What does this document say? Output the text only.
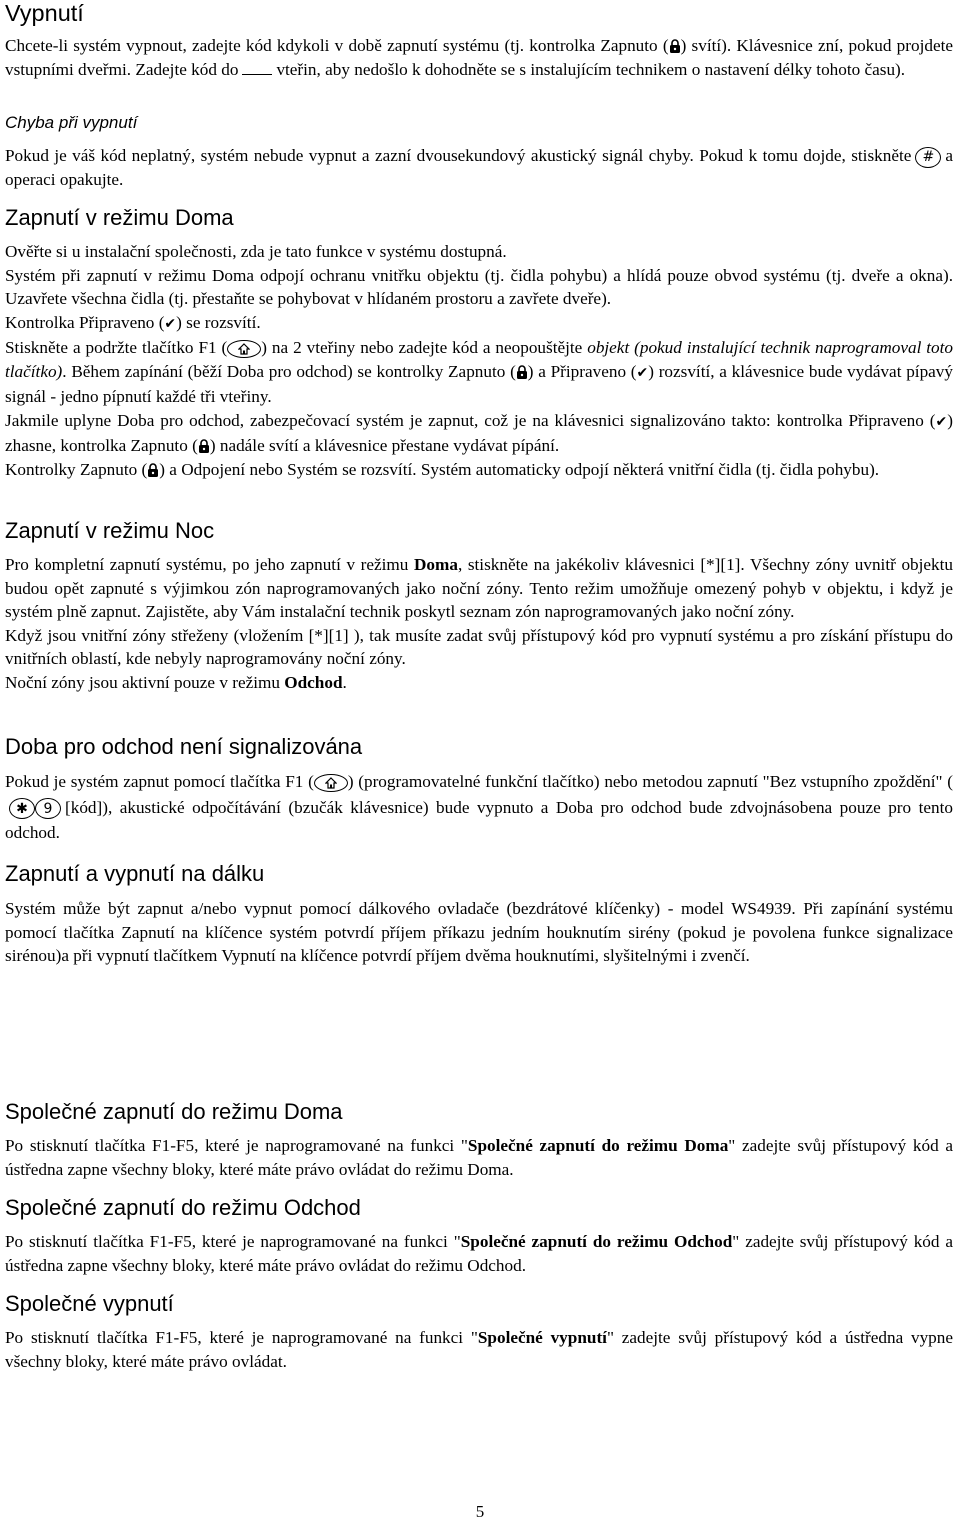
Vypnutí

Chcete-li systém vypnout, zadejte kód kdykoli v době zapnutí systému (tj. kontrolka Zapnuto ( ) svítí). Klávesnice zní, pokud projdete vstupními dveřmi. Zadejte kód do vteřin, aby nedošlo k dohodněte se s instalujícím technikem o nastavení délky tohoto času).

Chyba při vypnutí

Pokud je váš kód neplatný, systém nebude vypnut a zazní dvousekundový akustický signál chyby. Pokud k tomu dojde, stiskněte # a operaci opakujte.

Zapnutí v režimu Doma

Ověřte si u instalační společnosti, zda je tato funkce v systému dostupná.

Systém při zapnutí v režimu Doma odpojí ochranu vnitřku objektu (tj. čidla pohybu) a hlídá pouze obvod systému (tj. dveře a okna). Uzavřete všechna čidla (tj. přestaňte se pohybovat v hlídaném prostoru a zavřete dveře).

Kontrolka Připraveno (✔) se rozsvítí.

Stiskněte a podržte tlačítko F1 ( ) na 2 vteřiny nebo zadejte kód a neopouštějte objekt (pokud instalující technik naprogramoval toto tlačítko). Během zapínání (běží Doba pro odchod) se kontrolky Zapnuto ( ) a Připraveno (✔) rozsvítí, a klávesnice bude vydávat pípavý signál - jedno pípnutí každé tři vteřiny.

Jakmile uplyne Doba pro odchod, zabezpečovací systém je zapnut, což je na klávesnici signalizováno takto: kontrolka Připraveno (✔) zhasne, kontrolka Zapnuto ( ) nadále svítí a klávesnice přestane vydávat pípání.

Kontrolky Zapnuto ( ) a Odpojení nebo Systém se rozsvítí. Systém automaticky odpojí některá vnitřní čidla (tj. čidla pohybu).

Zapnutí v režimu Noc

Pro kompletní zapnutí systému, po jeho zapnutí v režimu Doma, stiskněte na jakékoliv klávesnici [*][1]. Všechny zóny uvnitř objektu budou opět zapnuté s výjimkou zón naprogramovaných jako noční zóny. Tento režim umožňuje omezený pohyb v objektu, i když je systém plně zapnut. Zajistěte, aby Vám instalační technik poskytl seznam zón naprogramovaných jako noční zóny.

Když jsou vnitřní zóny střeženy (vložením [*][1] ), tak musíte zadat svůj přístupový kód pro vypnutí systému a pro získání přístupu do vnitřních oblastí, kde nebyly naprogramovány noční zóny.

Noční zóny jsou aktivní pouze v režimu Odchod.

Doba pro odchod není signalizována

Pokud je systém zapnut pomocí tlačítka F1 ( ) (programovatelné funkční tlačítko) nebo metodou zapnutí "Bez vstupního zpoždění" (✱ 9 [kód]), akustické odpočítávání (bzučák klávesnice) bude vypnuto a Doba pro odchod bude zdvojnásobena pouze pro tento odchod.

Zapnutí a vypnutí na dálku

Systém může být zapnut a/nebo vypnut pomocí dálkového ovladače (bezdrátové klíčenky) - model WS4939. Při zapínání systému pomocí tlačítka Zapnutí na klíčence systém potvrdí příjem příkazu jedním houknutím sirény (pokud je povolena funkce signalizace sirénou)a při vypnutí tlačítkem Vypnutí na klíčence potvrdí příjem dvěma houknutími, slyšitelnými i zvenčí.

Společné zapnutí do režimu Doma

Po stisknutí tlačítka F1-F5, které je naprogramované na funkci "Společné zapnutí do režimu Doma" zadejte svůj přístupový kód a ústředna zapne všechny bloky, které máte právo ovládat do režimu Doma.

Společné zapnutí do režimu Odchod

Po stisknutí tlačítka F1-F5, které je naprogramované na funkci "Společné zapnutí do režimu Odchod" zadejte svůj přístupový kód a ústředna zapne všechny bloky, které máte právo ovládat do režimu Odchod.

Společné vypnutí

Po stisknutí tlačítka F1-F5, které je naprogramované na funkci "Společné vypnutí" zadejte svůj přístupový kód a ústředna vypne všechny bloky, které máte právo ovládat.

5
